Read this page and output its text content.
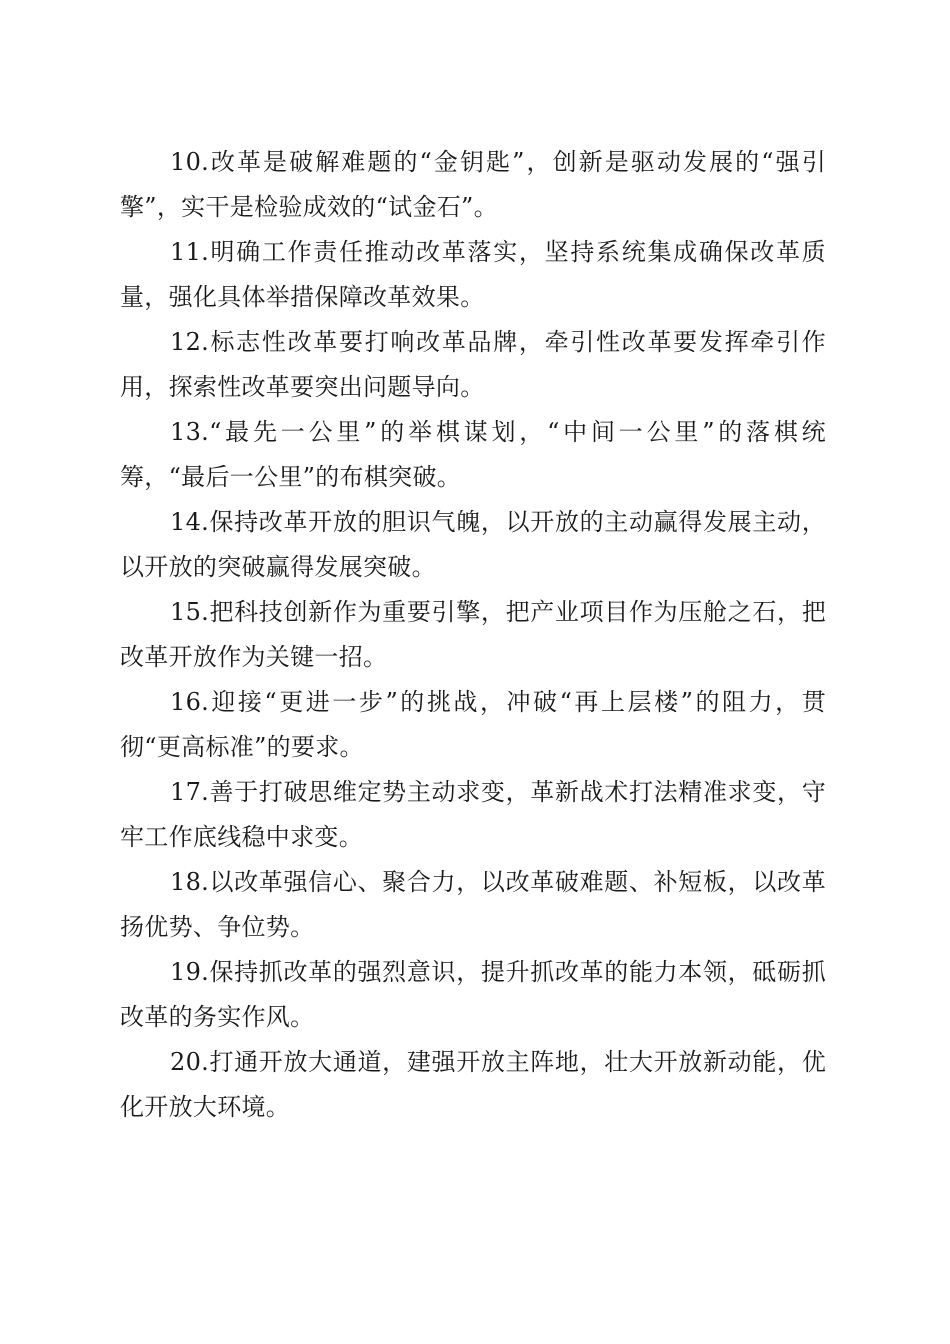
10.改革是破解难题的“金钥匙”，创新是驱动发展的“强引擎”，实干是检验成效的“试金石”。

11.明确工作责任推动改革落实，坚持系统集成确保改革质量，强化具体举措保障改革效果。

12.标志性改革要打响改革品牌，牵引性改革要发挥牵引作用，探索性改革要突出问题导向。

13.“最先一公里”的举棋谋划，“中间一公里”的落棋统筹，“最后一公里”的布棋突破。

14.保持改革开放的胆识气魄，以开放的主动赢得发展主动，以开放的突破赢得发展突破。

15.把科技创新作为重要引擎，把产业项目作为压舱之石，把改革开放作为关键一招。

16.迎接“更进一步”的挑战，冲破“再上层楼”的阻力，贯彻“更高标准”的要求。

17.善于打破思维定势主动求变，革新战术打法精准求变，守牢工作底线稳中求变。

18.以改革强信心、聚合力，以改革破难题、补短板，以改革扬优势、争位势。

19.保持抓改革的强烈意识，提升抓改革的能力本领，砥砺抓改革的务实作风。

20.打通开放大通道，建强开放主阵地，壮大开放新动能，优化开放大环境。
